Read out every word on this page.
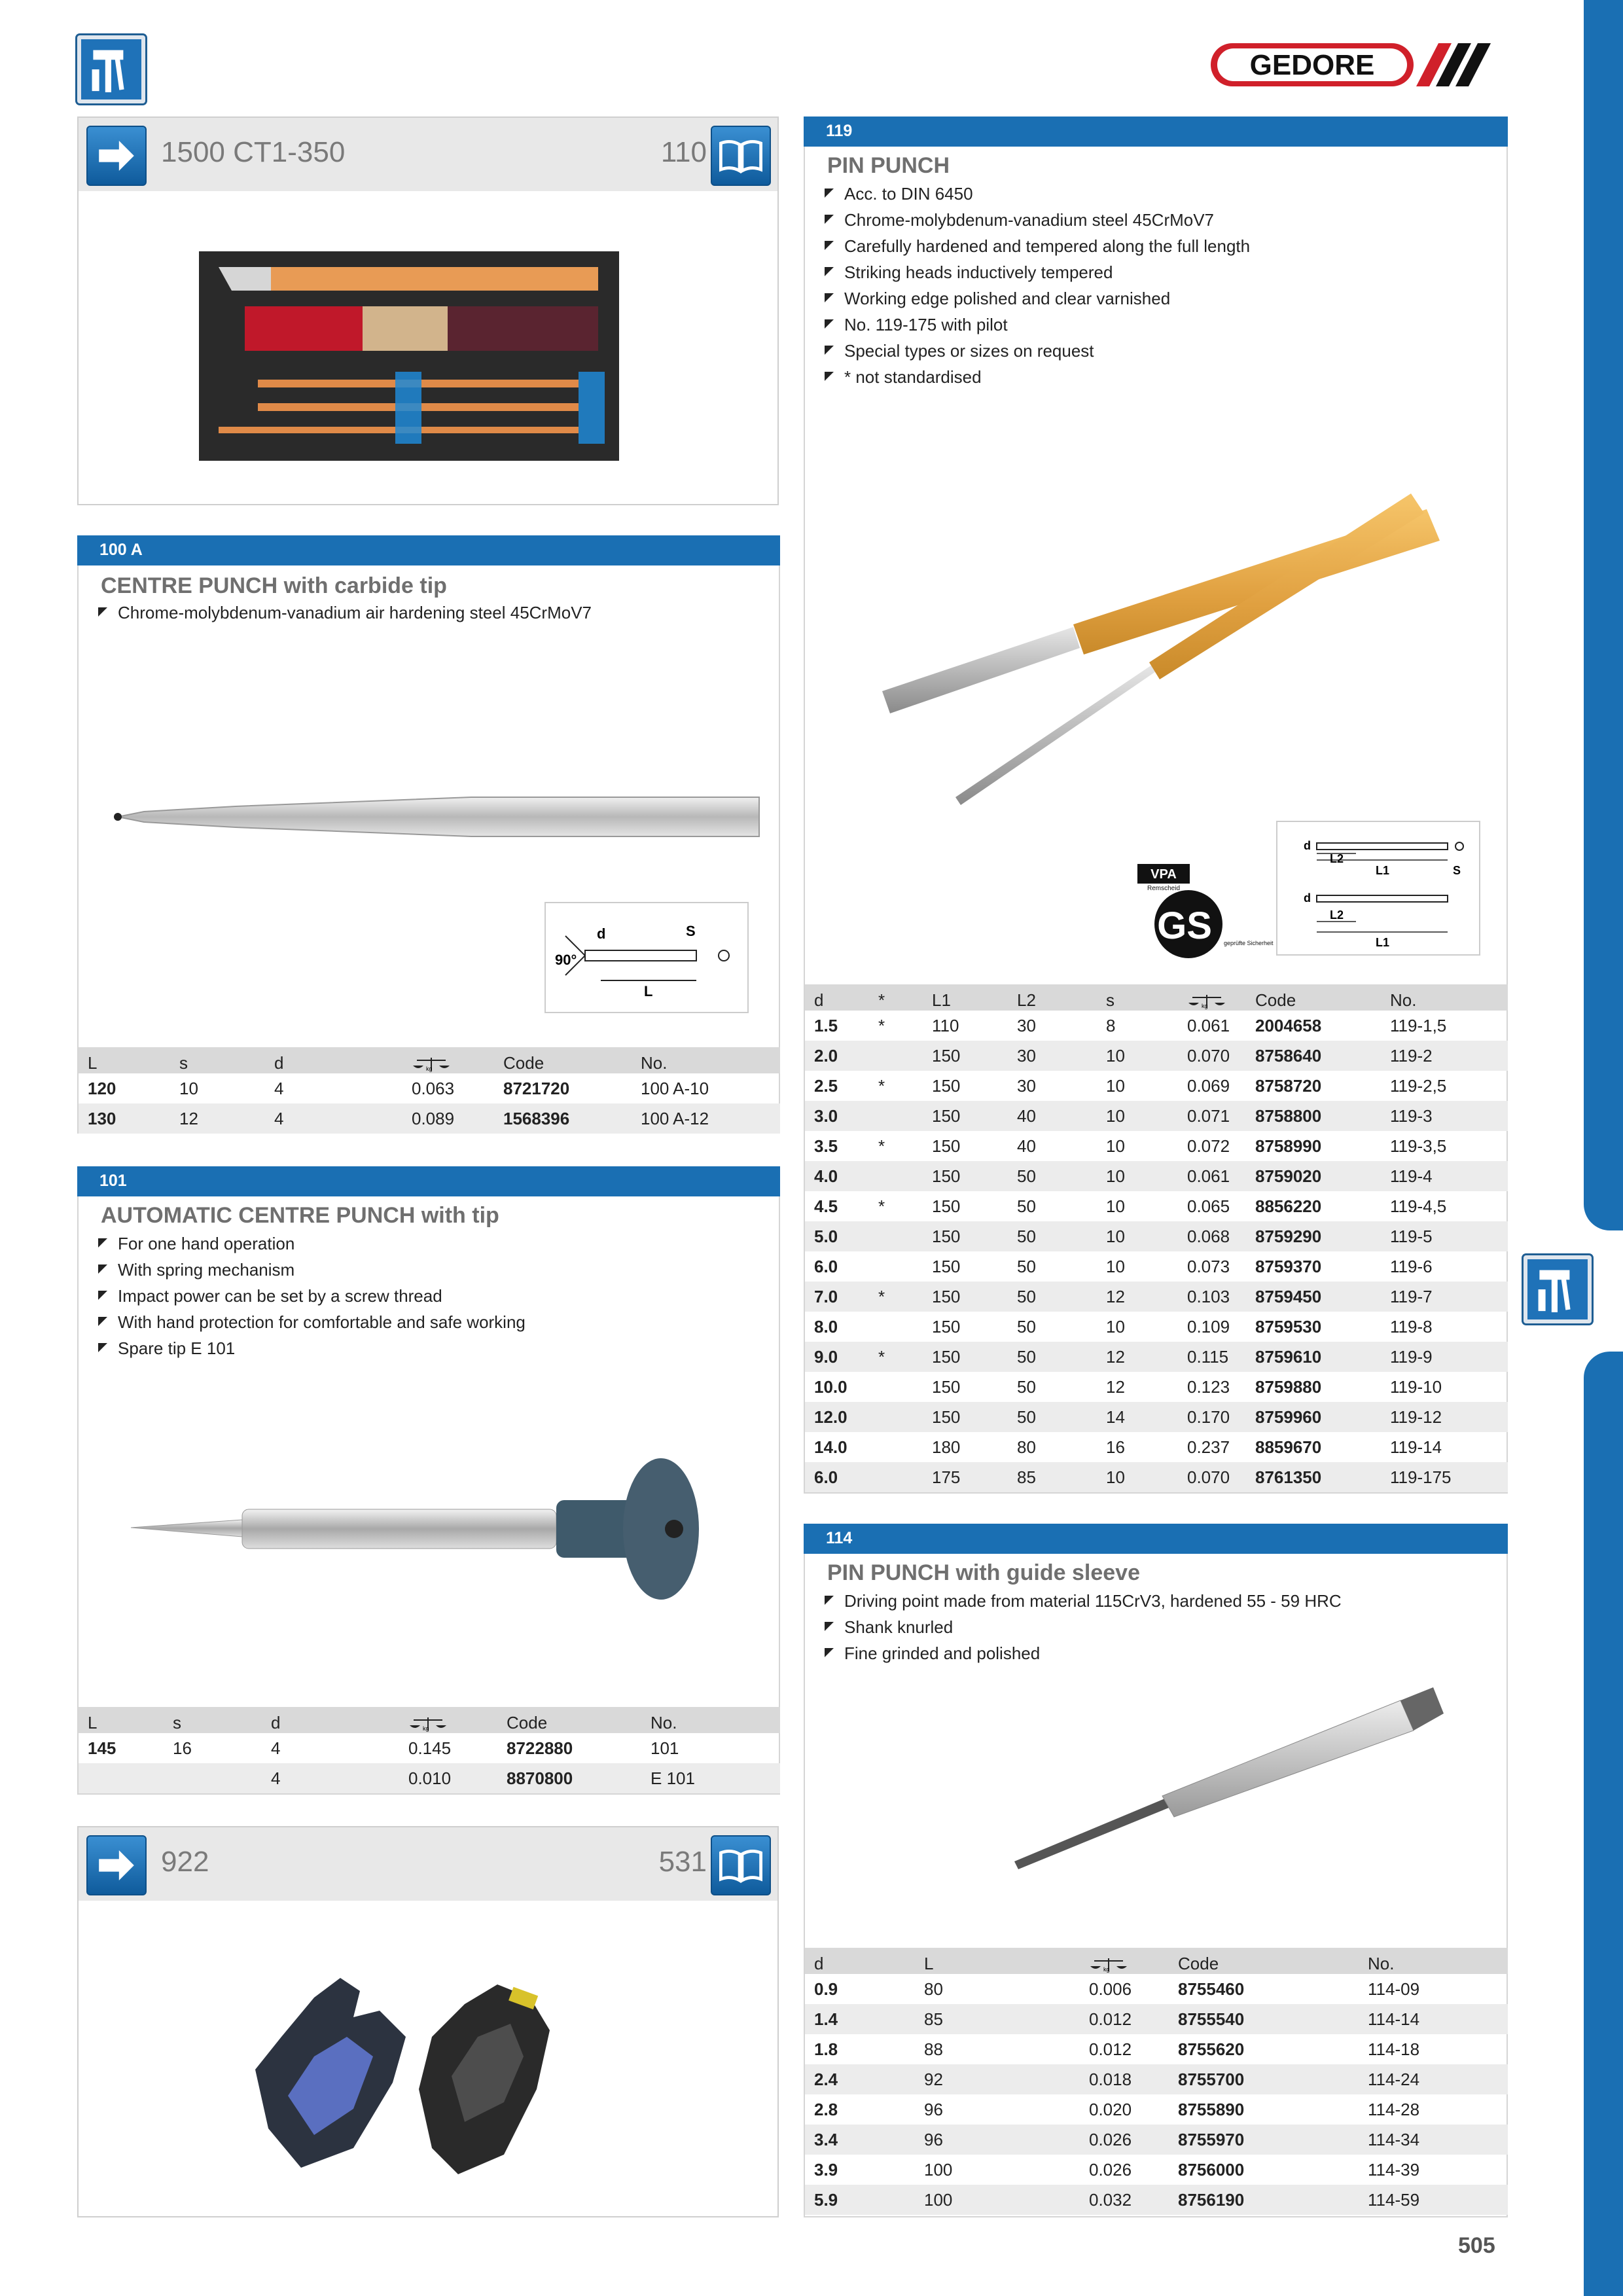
GEDORE
1500 CT1-350	110
100 A
CENTRE PUNCH with carbide tip
Chrome-molybdenum-vanadium air hardening steel 45CrMoV7
90°
d	S
L
L	s	d	kg	Code	No.
120	10	4	0.063	8721720	100 A-10
130	12	4	0.089	1568396	100 A-12
101
AUTOMATIC CENTRE PUNCH with tip
For one hand operation
With spring mechanism
Impact power can be set by a screw thread
With hand protection for comfortable and safe working
Spare tip E 101
L	s	d	kg	Code	No.
145	16	4	0.145	8722880	101
		4	0.010	8870800	E 101
922	531
119
PIN PUNCH
Acc. to DIN 6450
Chrome-molybdenum-vanadium steel 45CrMoV7
Carefully hardened and tempered along the full length
Striking heads inductively tempered
Working edge polished and clear varnished
No. 119-175 with pilot
Special types or sizes on request
* not standardised
VPA
Remscheid
GS geprüfte Sicherheit
d
d
L2
L1	S
L2
L1
d	*	L1	L2	s	kg	Code	No.
1.5	*	110	30	8	0.061	2004658	119-1,5
2.0		150	30	10	0.070	8758640	119-2
2.5	*	150	30	10	0.069	8758720	119-2,5
3.0		150	40	10	0.071	8758800	119-3
3.5	*	150	40	10	0.072	8758990	119-3,5
4.0		150	50	10	0.061	8759020	119-4
4.5	*	150	50	10	0.065	8856220	119-4,5
5.0		150	50	10	0.068	8759290	119-5
6.0		150	50	10	0.073	8759370	119-6
7.0	*	150	50	12	0.103	8759450	119-7
8.0		150	50	10	0.109	8759530	119-8
9.0	*	150	50	12	0.115	8759610	119-9
10.0		150	50	12	0.123	8759880	119-10
12.0		150	50	14	0.170	8759960	119-12
14.0		180	80	16	0.237	8859670	119-14
6.0		175	85	10	0.070	8761350	119-175
114
PIN PUNCH with guide sleeve
Driving point made from material 115CrV3, hardened 55 - 59 HRC
Shank knurled
Fine grinded and polished
d	L	kg	Code	No.
0.9	80	0.006	8755460	114-09
1.4	85	0.012	8755540	114-14
1.8	88	0.012	8755620	114-18
2.4	92	0.018	8755700	114-24
2.8	96	0.020	8755890	114-28
3.4	96	0.026	8755970	114-34
3.9	100	0.026	8756000	114-39
5.9	100	0.032	8756190	114-59
505
